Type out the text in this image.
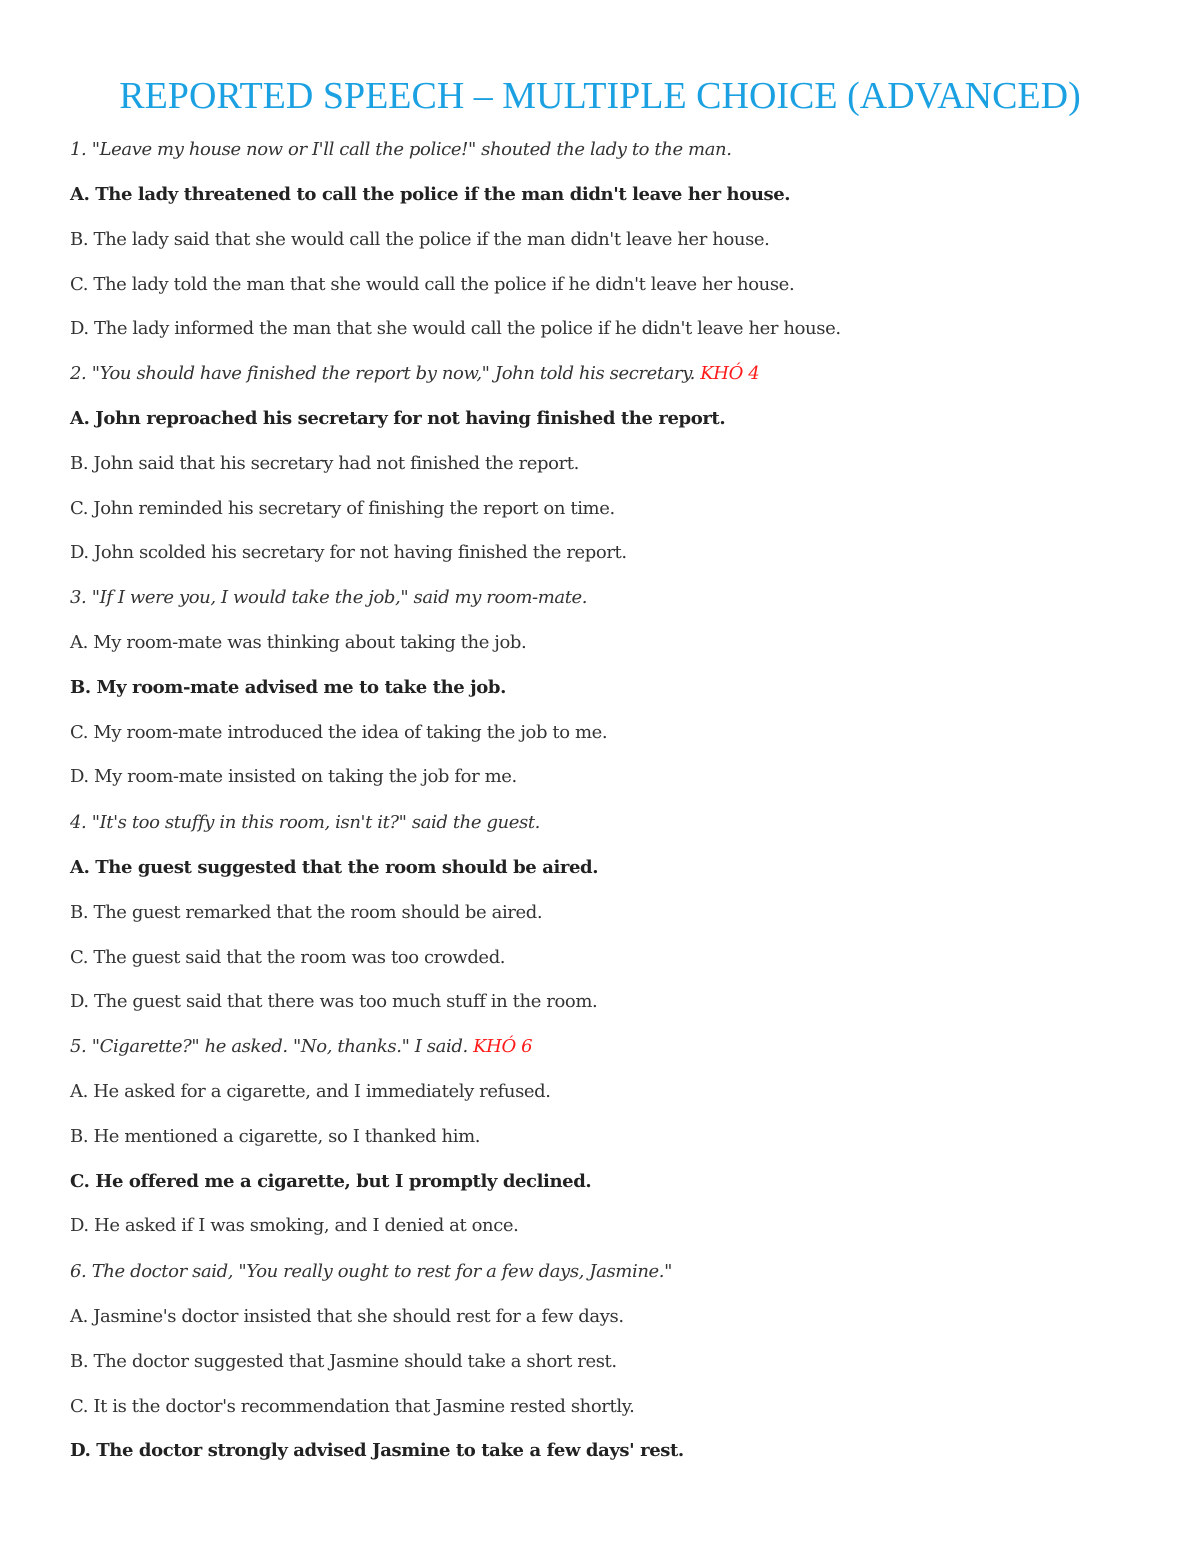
REPORTED SPEECH – MULTIPLE CHOICE (ADVANCED)
1. "Leave my house now or I'll call the police!" shouted the lady to the man.
A. The lady threatened to call the police if the man didn't leave her house.
B. The lady said that she would call the police if the man didn't leave her house.
C. The lady told the man that she would call the police if he didn't leave her house.
D. The lady informed the man that she would call the police if he didn't leave her house.
2. "You should have finished the report by now," John told his secretary. KHÓ 4
A. John reproached his secretary for not having finished the report.
B. John said that his secretary had not finished the report.
C. John reminded his secretary of finishing the report on time.
D. John scolded his secretary for not having finished the report.
3. "If I were you, I would take the job," said my room-mate.
A. My room-mate was thinking about taking the job.
B. My room-mate advised me to take the job.
C. My room-mate introduced the idea of taking the job to me.
D. My room-mate insisted on taking the job for me.
4. "It's too stuffy in this room, isn't it?" said the guest.
A. The guest suggested that the room should be aired.
B. The guest remarked that the room should be aired.
C. The guest said that the room was too crowded.
D. The guest said that there was too much stuff in the room.
5. "Cigarette?" he asked. "No, thanks." I said. KHÓ 6
A. He asked for a cigarette, and I immediately refused.
B. He mentioned a cigarette, so I thanked him.
C. He offered me a cigarette, but I promptly declined.
D. He asked if I was smoking, and I denied at once.
6. The doctor said, "You really ought to rest for a few days, Jasmine."
A. Jasmine's doctor insisted that she should rest for a few days.
B. The doctor suggested that Jasmine should take a short rest.
C. It is the doctor's recommendation that Jasmine rested shortly.
D. The doctor strongly advised Jasmine to take a few days' rest.
